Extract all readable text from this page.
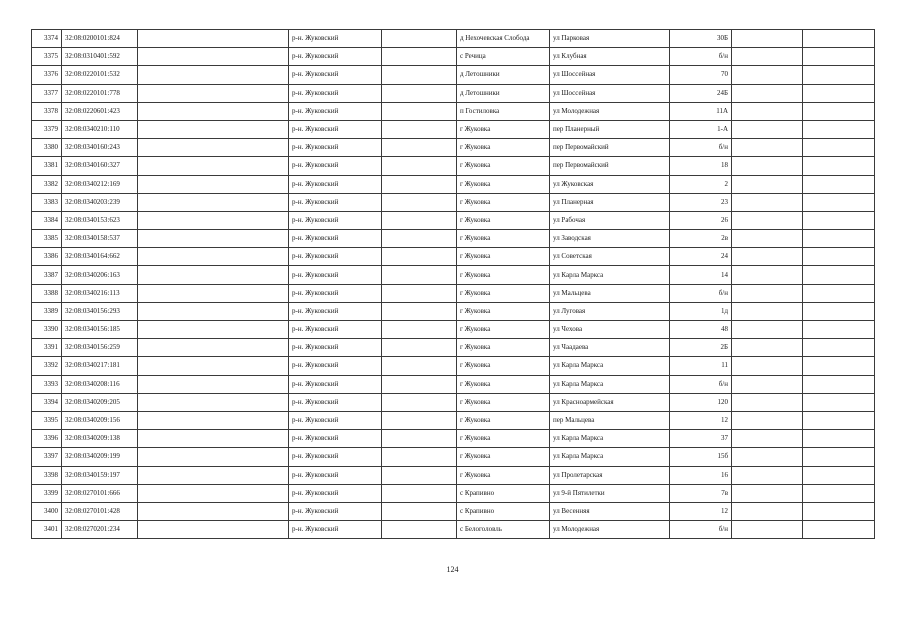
3374	32:08:0200101:824		р-н. Жуковский		д Нехочевская Слобода	ул Парковая	30Б		
3375	32:08:0310401:592		р-н. Жуковский		с Речица	ул Клубная	б/н		
3376	32:08:0220101:532		р-н. Жуковский		д Летошники	ул Шоссейная	70		
3377	32:08:0220101:778		р-н. Жуковский		д Летошники	ул Шоссейная	24Б		
3378	32:08:0220601:423		р-н. Жуковский		п Гостиловка	ул Молодежная	11А		
3379	32:08:0340210:110		р-н. Жуковский		г Жуковка	пер Планерный	1-А		
3380	32:08:0340160:243		р-н. Жуковский		г Жуковка	пер Первомайский	б/н		
3381	32:08:0340160:327		р-н. Жуковский		г Жуковка	пер Первомайский	18		
3382	32:08:0340212:169		р-н. Жуковский		г Жуковка	ул Жуковская	2		
3383	32:08:0340203:239		р-н. Жуковский		г Жуковка	ул Планерная	23		
3384	32:08:0340153:623		р-н. Жуковский		г Жуковка	ул Рабочая	26		
3385	32:08:0340158:537		р-н. Жуковский		г Жуковка	ул Заводская	2в		
3386	32:08:0340164:662		р-н. Жуковский		г Жуковка	ул Советская	24		
3387	32:08:0340206:163		р-н. Жуковский		г Жуковка	ул Карла Маркса	14		
3388	32:08:0340216:113		р-н. Жуковский		г Жуковка	ул Мальцева	б/н		
3389	32:08:0340156:293		р-н. Жуковский		г Жуковка	ул Луговая	1д		
3390	32:08:0340156:185		р-н. Жуковский		г Жуковка	ул Чехова	48		
3391	32:08:0340156:259		р-н. Жуковский		г Жуковка	ул Чаадаева	2Б		
3392	32:08:0340217:181		р-н. Жуковский		г Жуковка	ул Карла Маркса	11		
3393	32:08:0340208:116		р-н. Жуковский		г Жуковка	ул Карла Маркса	б/н		
3394	32:08:0340209:205		р-н. Жуковский		г Жуковка	ул Красноармейская	120		
3395	32:08:0340209:156		р-н. Жуковский		г Жуковка	пер Мальцева	12		
3396	32:08:0340209:138		р-н. Жуковский		г Жуковка	ул Карла Маркса	37		
3397	32:08:0340209:199		р-н. Жуковский		г Жуковка	ул Карла Маркса	15б		
3398	32:08:0340159:197		р-н. Жуковский		г Жуковка	ул Пролетарская	16		
3399	32:08:0270101:666		р-н. Жуковский		с Крапивно	ул 9-й Пятилетки	7в		
3400	32:08:0270101:428		р-н. Жуковский		с Крапивно	ул Весенняя	12		
3401	32:08:0270201:234		р-н. Жуковский		с Белоголовль	ул Молодежная	б/н		
124
